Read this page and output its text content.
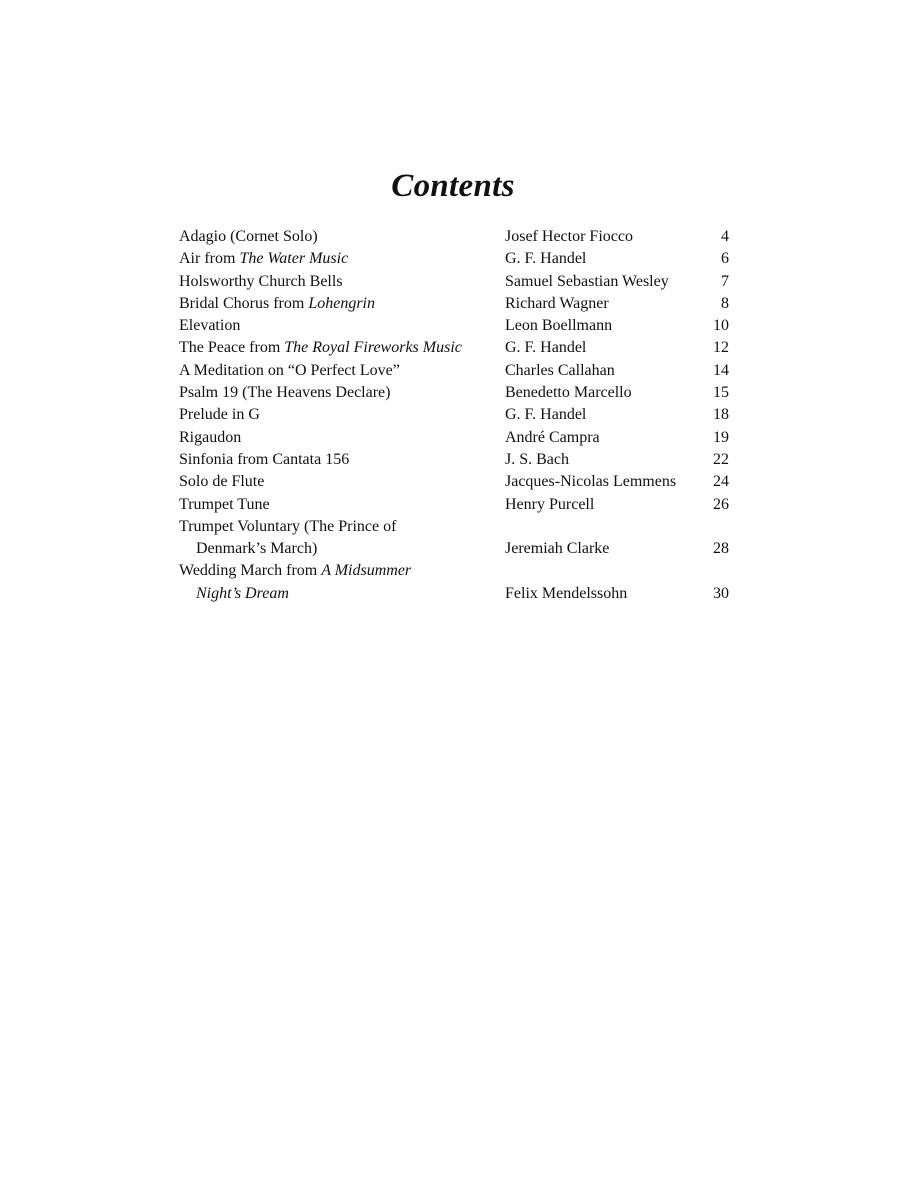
Contents
Adagio (Cornet Solo)	Josef Hector Fiocco	4
Air from The Water Music	G. F. Handel	6
Holsworthy Church Bells	Samuel Sebastian Wesley	7
Bridal Chorus from Lohengrin	Richard Wagner	8
Elevation	Leon Boellmann	10
The Peace from The Royal Fireworks Music	G. F. Handel	12
A Meditation on “O Perfect Love”	Charles Callahan	14
Psalm 19 (The Heavens Declare)	Benedetto Marcello	15
Prelude in G	G. F. Handel	18
Rigaudon	André Campra	19
Sinfonia from Cantata 156	J. S. Bach	22
Solo de Flute	Jacques-Nicolas Lemmens	24
Trumpet Tune	Henry Purcell	26
Trumpet Voluntary (The Prince of
Denmark’s March)	Jeremiah Clarke	28
Wedding March from A Midsummer
Night’s Dream	Felix Mendelssohn	30
